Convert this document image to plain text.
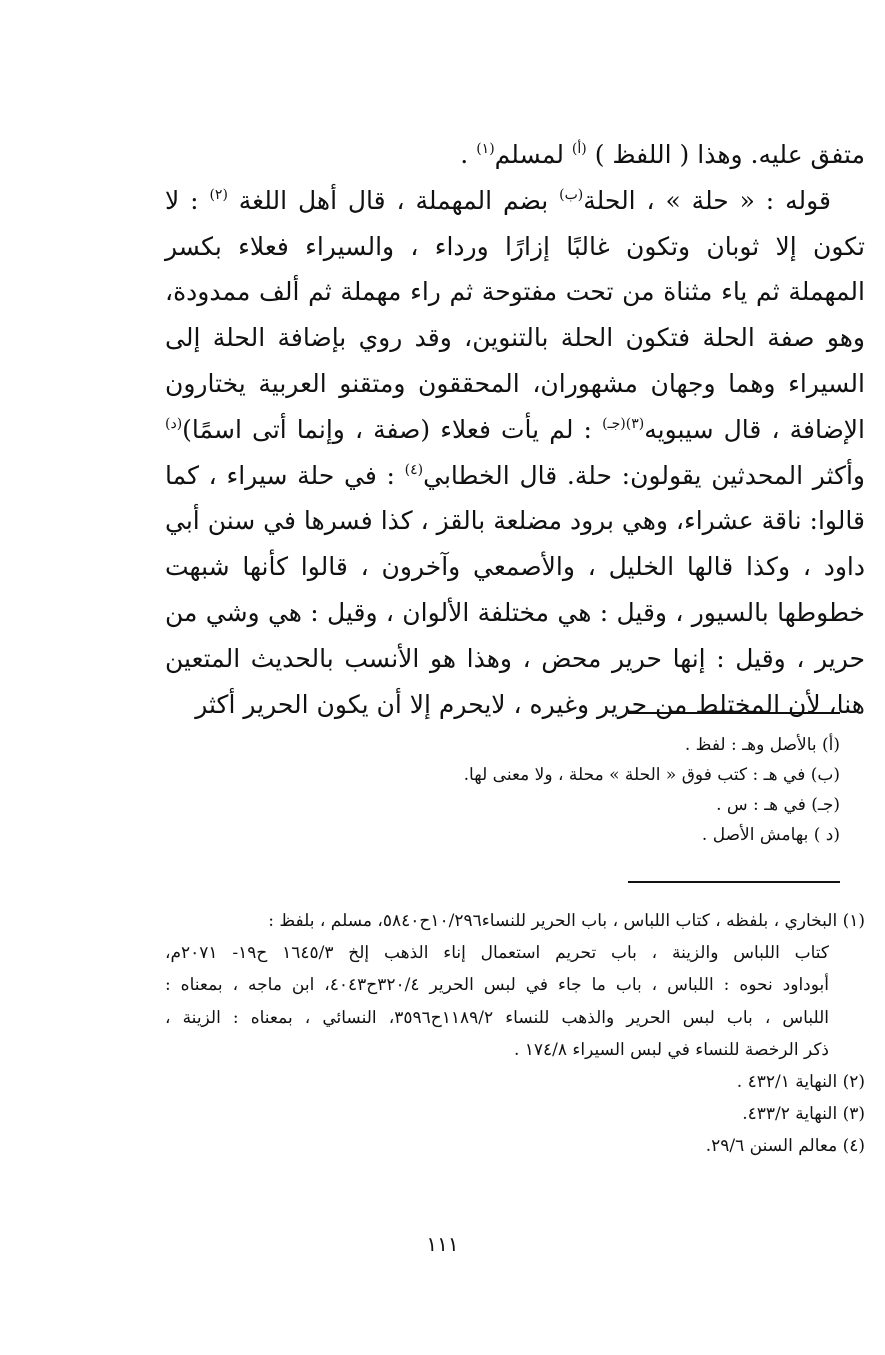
متفق عليه. وهذا ( اللفظ ) $^{(أ)}$ لمسلم$^{(١)}$ .

قوله : « حلة » ، الحلة$^{(ب)}$ بضم المهملة ، قال أهل اللغة $^{(٢)}$ : لا تكون إلا ثوبان وتكون غالبًا إزارًا ورداء ، والسيراء فعلاء بكسر المهملة ثم ياء مثناة من تحت مفتوحة ثم راء مهملة ثم ألف ممدودة، وهو صفة الحلة فتكون الحلة بالتنوين، وقد روي بإضافة الحلة إلى السيراء وهما وجهان مشهوران، المحققون ومتقنو العربية يختارون الإضافة ، قال سيبويه$^{(٣)(جـ)}$ : لم يأت فعلاء (صفة ، وإنما أتى اسمًا)$^{(د)}$ وأكثر المحدثين يقولون: حلة. قال الخطابي$^{(٤)}$ : في حلة سيراء ، كما قالوا: ناقة عشراء، وهي برود مضلعة بالقز ، كذا فسرها في سنن أبي داود ، وكذا قالها الخليل ، والأصمعي وآخرون ، قالوا كأنها شبهت خطوطها بالسيور ، وقيل : هي مختلفة الألوان ، وقيل : هي وشي من حرير ، وقيل : إنها حرير محض ، وهذا هو الأنسب بالحديث المتعين هنا، لأن المختلط من حرير وغيره ، لايحرم إلا أن يكون الحرير أكثر

(أ) بالأصل وهـ : لفظ .
(ب) في هـ : كتب فوق « الحلة » محلة ، ولا معنى لها.
(جـ) في هـ : س .
(د ) بهامش الأصل .
(١) البخاري ، بلفظه ، كتاب اللباس ، باب الحرير للنساء١٠/٢٩٦ح٥٨٤٠، مسلم ، بلفظ :
كتاب اللباس والزينة ، باب تحريم استعمال إناء الذهب إلخ ١٦٤٥/٣ ح١٩- ٢٠٧١م،
أبوداود نحوه : اللباس ، باب ما جاء في لبس الحرير ٣٢٠/٤ح٤٠٤٣، ابن ماجه ، بمعناه :
اللباس ، باب لبس الحرير والذهب للنساء ١١٨٩/٢ح٣٥٩٦، النسائي ، بمعناه : الزينة ،
ذكر الرخصة للنساء في لبس السيراء ١٧٤/٨ .
(٢) النهاية ٤٣٢/١ .
(٣) النهاية ٤٣٣/٢.
(٤) معالم السنن ٢٩/٦.
١١١
